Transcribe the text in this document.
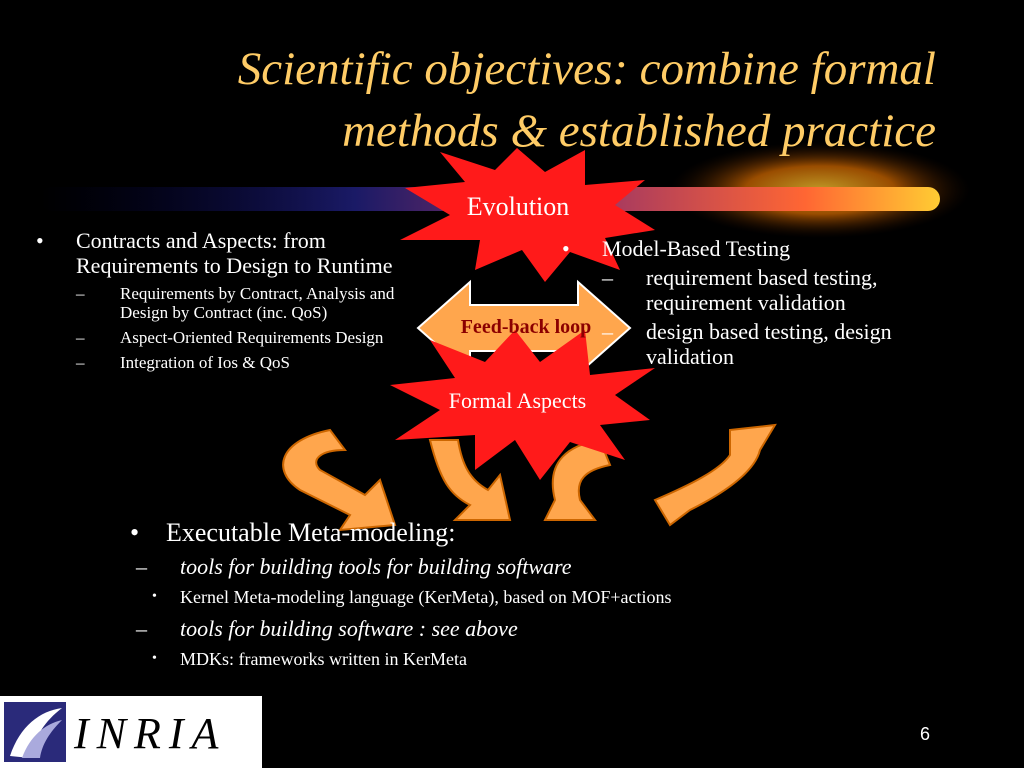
Scientific objectives: combine formal
methods & established practice
Evolution
Feed-back loop
Formal Aspects
•	Contracts and Aspects: from Requirements to Design to Runtime
–	Requirements by Contract, Analysis and Design by Contract (inc. QoS)
–	Aspect-Oriented Requirements Design
–	Integration of Ios & QoS
•	Model-Based Testing
–	requirement based testing, requirement validation
–	design based testing, design validation
•	Executable Meta-modeling:
–	tools for building tools for building software
•	Kernel Meta-modeling language (KerMeta), based on MOF+actions
–	tools for building software : see above
•	MDKs: frameworks written in KerMeta
INRIA	6
